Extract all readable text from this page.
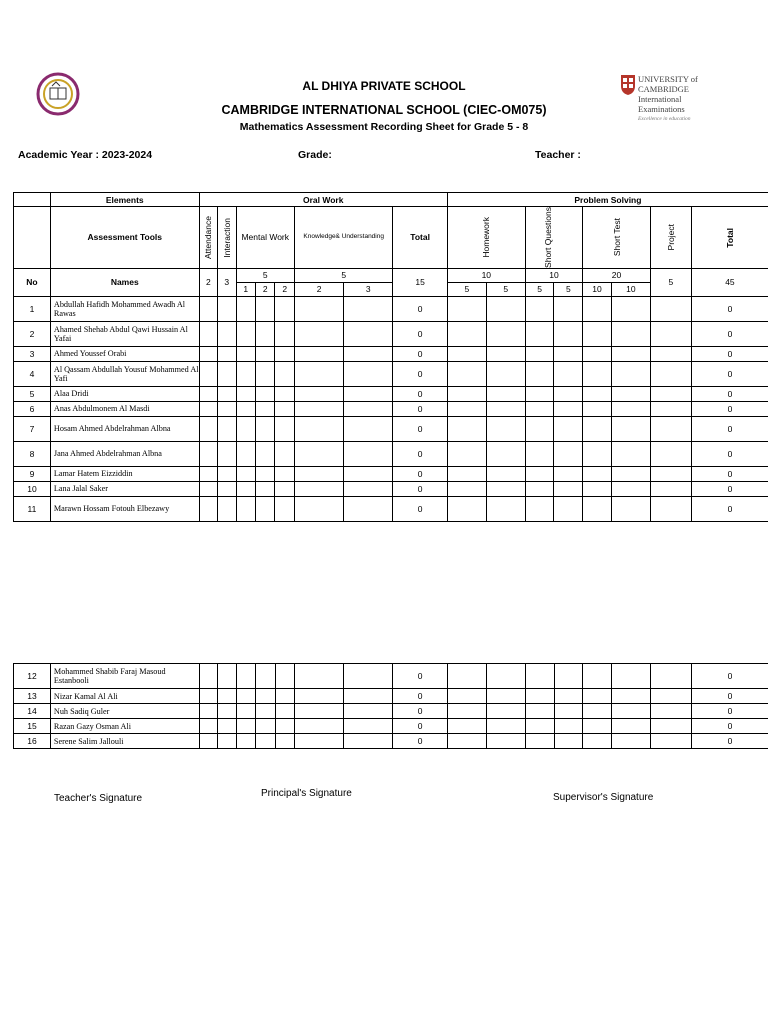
UNIVERSITY of CAMBRIDGE
International Examinations
Excellence in education
AL DHIYA PRIVATE SCHOOL
CAMBRIDGE INTERNATIONAL SCHOOL (CIEC-OM075)
Mathematics Assessment Recording Sheet for Grade 5 - 8
Academic Year : 2023-2024	Grade:	Teacher :
	Elements	Oral Work								Problem Solving							
	Assessment Tools	Attendance	Interaction	Mental Work			Knowledge& Understanding		Total	Homework		Short Questions		Short Test		Project	Total

No	Names	2	3	5			5		15	10		10		20		5	45
				1	2	2	2	3		5	5	5	5	10	10		
1	Abdullah Hafidh Mohammed Awadh Al Rawas								0								0
2	Ahamed Shehab Abdul Qawi Hussain Al Yafai								0								0
3	Ahmed Youssef Orabi								0								0
4	Al Qassam Abdullah Yousuf Mohammed Al Yafi								0								0
5	Alaa Dridi								0								0
6	Anas Abdulmonem Al Masdi								0								0
7	Hosam Ahmed Abdelrahman Albna								0								0
8	Jana Ahmed Abdelrahman Albna								0								0
9	Lamar Hatem Eizziddin								0								0
10	Lana Jalal Saker								0								0
11	Marawn Hossam Fotouh Elbezawy								0								0
12	Mohammed Shabib Faraj Masoud Estanbooli								0								0
13	Nizar Kamal Al Ali								0								0
14	Nuh Sadiq Guler								0								0
15	Razan Gazy Osman Ali								0								0
16	Serene Salim Jallouli								0								0
Teacher's Signature	Principal's Signature	Supervisor's Signature
